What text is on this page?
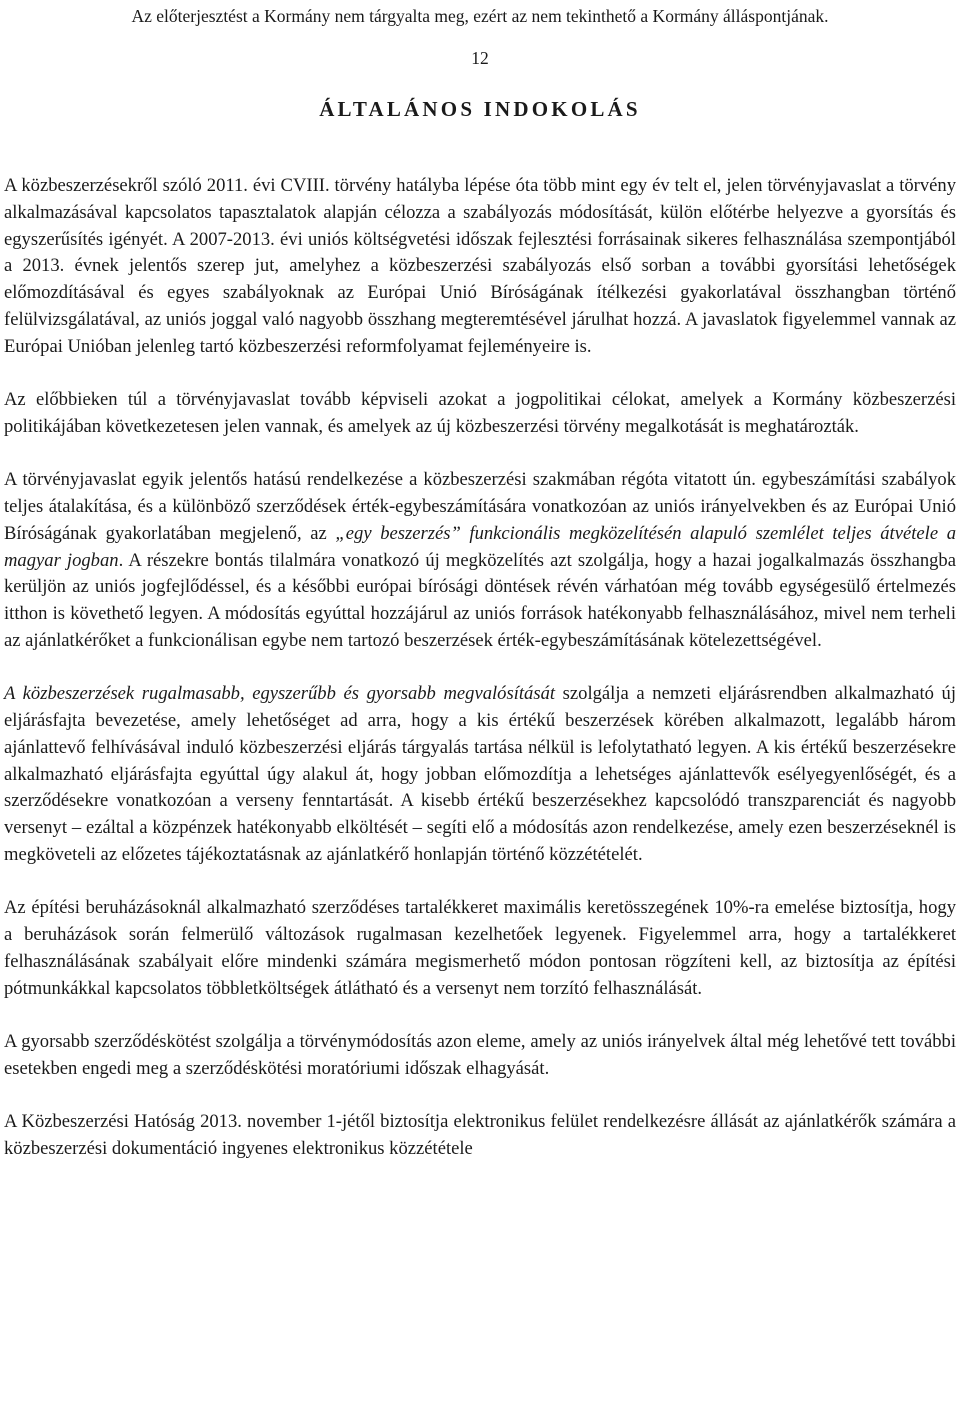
Az előterjesztést a Kormány nem tárgyalta meg, ezért az nem tekinthető a Kormány álláspontjának.
12
ÁLTALÁNOS INDOKOLÁS

A közbeszerzésekről szóló 2011. évi CVIII. törvény hatályba lépése óta több mint egy év telt el, jelen törvényjavaslat a törvény alkalmazásával kapcsolatos tapasztalatok alapján célozza a szabályozás módosítását, külön előtérbe helyezve a gyorsítás és egyszerűsítés igényét. A 2007-2013. évi uniós költségvetési időszak fejlesztési forrásainak sikeres felhasználása szempontjából a 2013. évnek jelentős szerep jut, amelyhez a közbeszerzési szabályozás első sorban a további gyorsítási lehetőségek előmozdításával és egyes szabályoknak az Európai Unió Bíróságának ítélkezési gyakorlatával összhangban történő felülvizsgálatával, az uniós joggal való nagyobb összhang megteremtésével járulhat hozzá. A javaslatok figyelemmel vannak az Európai Unióban jelenleg tartó közbeszerzési reformfolyamat fejleményeire is.

Az előbbieken túl a törvényjavaslat tovább képviseli azokat a jogpolitikai célokat, amelyek a Kormány közbeszerzési politikájában következetesen jelen vannak, és amelyek az új közbeszerzési törvény megalkotását is meghatározták.

A törvényjavaslat egyik jelentős hatású rendelkezése a közbeszerzési szakmában régóta vitatott ún. egybeszámítási szabályok teljes átalakítása, és a különböző szerződések érték-egybeszámítására vonatkozóan az uniós irányelvekben és az Európai Unió Bíróságának gyakorlatában megjelenő, az „egy beszerzés” funkcionális megközelítésén alapuló szemlélet teljes átvétele a magyar jogban. A részekre bontás tilalmára vonatkozó új megközelítés azt szolgálja, hogy a hazai jogalkalmazás összhangba kerüljön az uniós jogfejlődéssel, és a későbbi európai bírósági döntések révén várhatóan még tovább egységesülő értelmezés itthon is követhető legyen. A módosítás egyúttal hozzájárul az uniós források hatékonyabb felhasználásához, mivel nem terheli az ajánlatkérőket a funkcionálisan egybe nem tartozó beszerzések érték-egybeszámításának kötelezettségével.

A közbeszerzések rugalmasabb, egyszerűbb és gyorsabb megvalósítását szolgálja a nemzeti eljárásrendben alkalmazható új eljárásfajta bevezetése, amely lehetőséget ad arra, hogy a kis értékű beszerzések körében alkalmazott, legalább három ajánlattevő felhívásával induló közbeszerzési eljárás tárgyalás tartása nélkül is lefolytatható legyen. A kis értékű beszerzésekre alkalmazható eljárásfajta egyúttal úgy alakul át, hogy jobban előmozdítja a lehetséges ajánlattevők esélyegyenlőségét, és a szerződésekre vonatkozóan a verseny fenntartását. A kisebb értékű beszerzésekhez kapcsolódó transzparenciát és nagyobb versenyt – ezáltal a közpénzek hatékonyabb elköltését – segíti elő a módosítás azon rendelkezése, amely ezen beszerzéseknél is megköveteli az előzetes tájékoztatásnak az ajánlatkérő honlapján történő közzétételét.

Az építési beruházásoknál alkalmazható szerződéses tartalékkeret maximális keretösszegének 10%-ra emelése biztosítja, hogy a beruházások során felmerülő változások rugalmasan kezelhetőek legyenek. Figyelemmel arra, hogy a tartalékkeret felhasználásának szabályait előre mindenki számára megismerhető módon pontosan rögzíteni kell, az biztosítja az építési pótmunkákkal kapcsolatos többletköltségek átlátható és a versenyt nem torzító felhasználását.

A gyorsabb szerződéskötést szolgálja a törvénymódosítás azon eleme, amely az uniós irányelvek által még lehetővé tett további esetekben engedi meg a szerződéskötési moratóriumi időszak elhagyását.

A Közbeszerzési Hatóság 2013. november 1-jétől biztosítja elektronikus felület rendelkezésre állását az ajánlatkérők számára a közbeszerzési dokumentáció ingyenes elektronikus közzététele
